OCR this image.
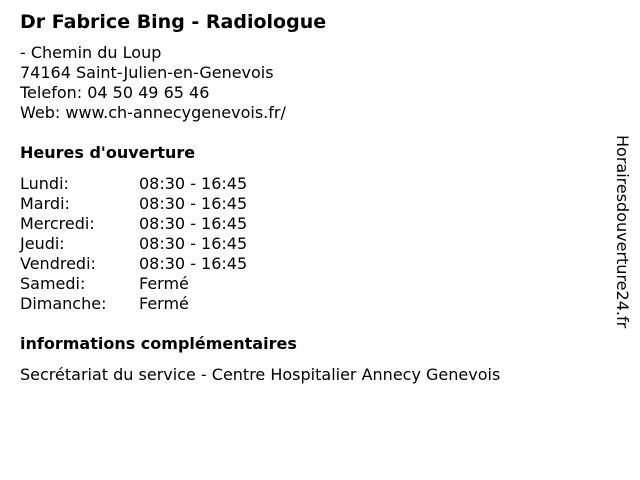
Dr Fabrice Bing - Radiologue
- Chemin du Loup
74164 Saint-Julien-en-Genevois
Telefon: 04 50 49 65 46
Web: www.ch-annecygenevois.fr/
Heures d'ouverture
Lundi:	08:30 - 16:45
Mardi:	08:30 - 16:45
Mercredi:	08:30 - 16:45
Jeudi:	08:30 - 16:45
Vendredi:	08:30 - 16:45
Samedi:	Fermé
Dimanche:	Fermé
informations complémentaires
Secrétariat du service - Centre Hospitalier Annecy Genevois
Horairesdouverture24.fr
